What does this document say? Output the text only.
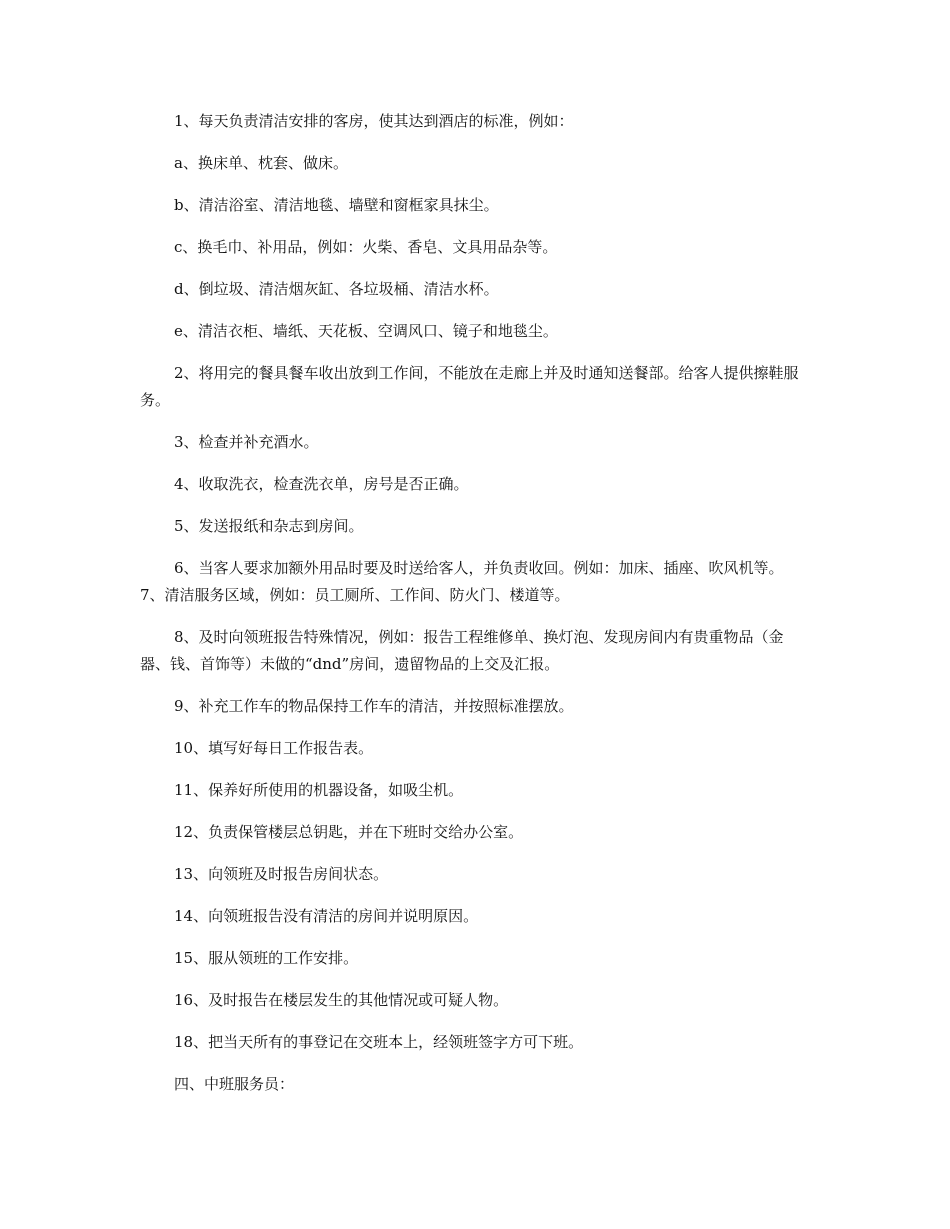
1、每天负责清洁安排的客房，使其达到酒店的标准，例如：

a、换床单、枕套、做床。

b、清洁浴室、清洁地毯、墙壁和窗框家具抹尘。

c、换毛巾、补用品，例如：火柴、香皂、文具用品杂等。

d、倒垃圾、清洁烟灰缸、各垃圾桶、清洁水杯。

e、清洁衣柜、墙纸、天花板、空调风口、镜子和地毯尘。

2、将用完的餐具餐车收出放到工作间，不能放在走廊上并及时通知送餐部。给客人提供擦鞋服务。

3、检查并补充酒水。

4、收取洗衣，检查洗衣单，房号是否正确。

5、发送报纸和杂志到房间。

6、当客人要求加额外用品时要及时送给客人，并负责收回。例如：加床、插座、吹风机等。 7、清洁服务区域，例如：员工厕所、工作间、防火门、楼道等。

8、及时向领班报告特殊情况，例如：报告工程维修单、换灯泡、发现房间内有贵重物品（金器、钱、首饰等）未做的“dnd”房间，遗留物品的上交及汇报。

9、补充工作车的物品保持工作车的清洁，并按照标准摆放。

10、填写好每日工作报告表。

11、保养好所使用的机器设备，如吸尘机。

12、负责保管楼层总钥匙，并在下班时交给办公室。

13、向领班及时报告房间状态。

14、向领班报告没有清洁的房间并说明原因。

15、服从领班的工作安排。

16、及时报告在楼层发生的其他情况或可疑人物。

18、把当天所有的事登记在交班本上，经领班签字方可下班。

四、中班服务员：
